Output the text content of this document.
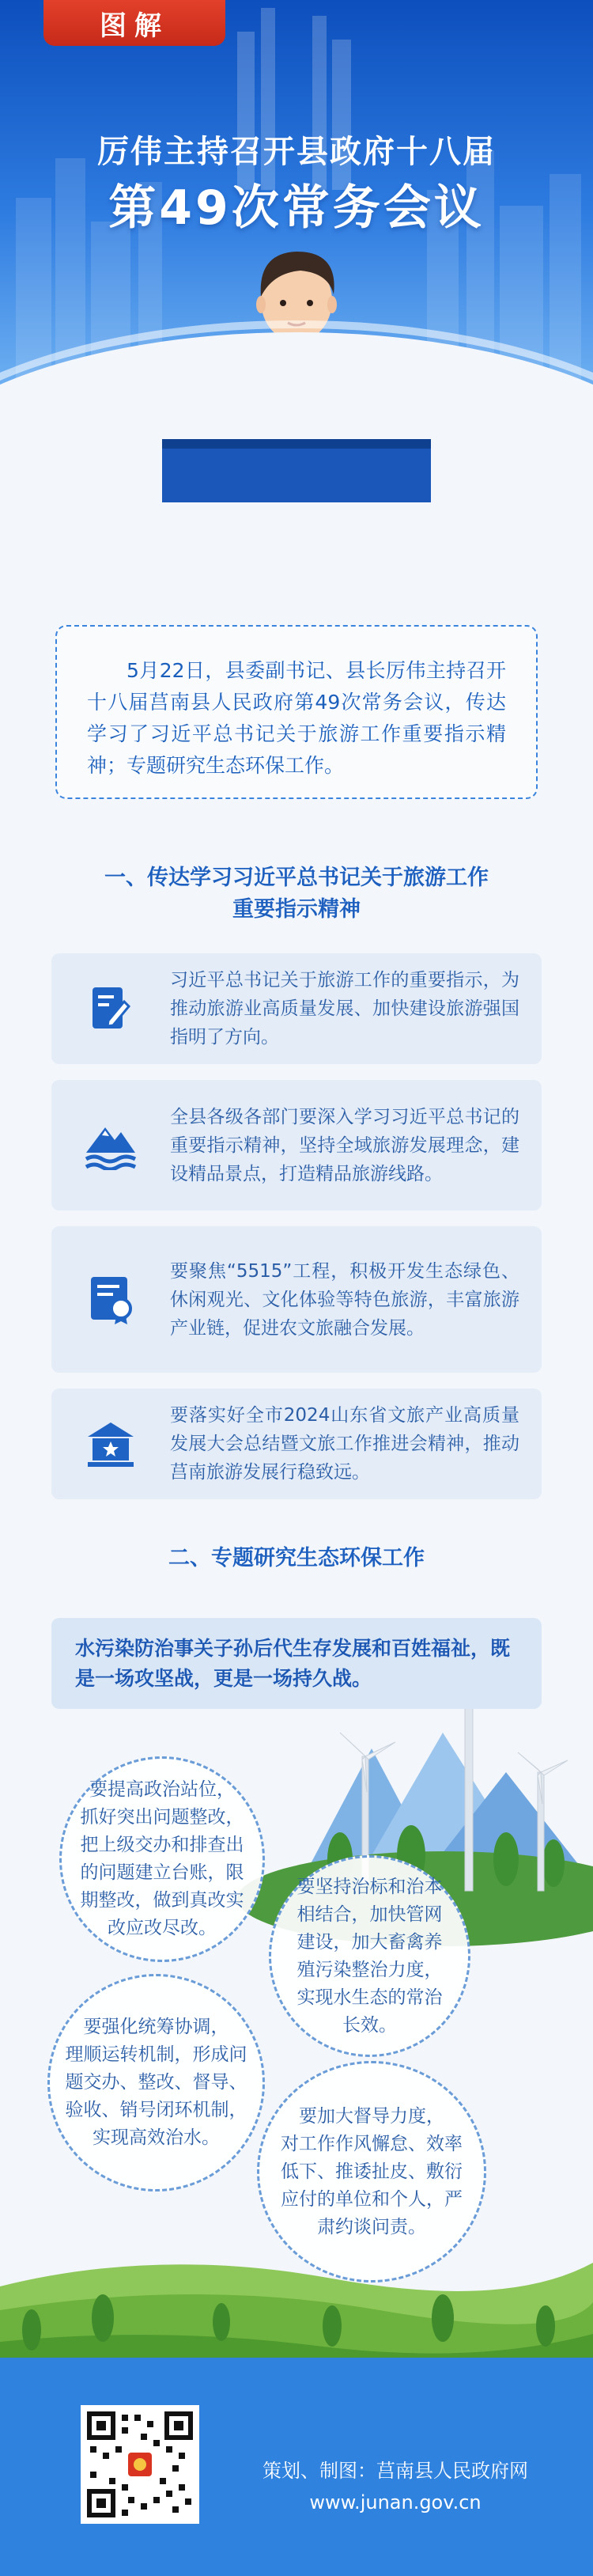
图解
厉伟主持召开县政府十八届
第49次常务会议

5月22日，县委副书记、县长厉伟主持召开十八届莒南县人民政府第49次常务会议，传达学习了习近平总书记关于旅游工作重要指示精神；专题研究生态环保工作。

一、传达学习习近平总书记关于旅游工作
重要指示精神
习近平总书记关于旅游工作的重要指示，为推动旅游业高质量发展、加快建设旅游强国指明了方向。
全县各级各部门要深入学习习近平总书记的重要指示精神，坚持全域旅游发展理念，建设精品景点，打造精品旅游线路。
要聚焦“5515”工程，积极开发生态绿色、休闲观光、文化体验等特色旅游，丰富旅游产业链，促进农文旅融合发展。
要落实好全市2024山东省文旅产业高质量发展大会总结暨文旅工作推进会精神，推动莒南旅游发展行稳致远。
二、专题研究生态环保工作
水污染防治事关子孙后代生存发展和百姓福祉，既是一场攻坚战，更是一场持久战。
要提高政治站位，
抓好突出问题整改，
把上级交办和排查出
的问题建立台账，限
期整改，做到真改实
改应改尽改。
要坚持治标和治本
相结合，加快管网
建设，加大畜禽养
殖污染整治力度，
实现水生态的常治
长效。
要强化统筹协调，
理顺运转机制，形成问
题交办、整改、督导、
验收、销号闭环机制，
实现高效治水。
要加大督导力度，
对工作作风懈怠、效率
低下、推诿扯皮、敷衍
应付的单位和个人，严
肃约谈问责。
策划、制图：莒南县人民政府网
www.junan.gov.cn
